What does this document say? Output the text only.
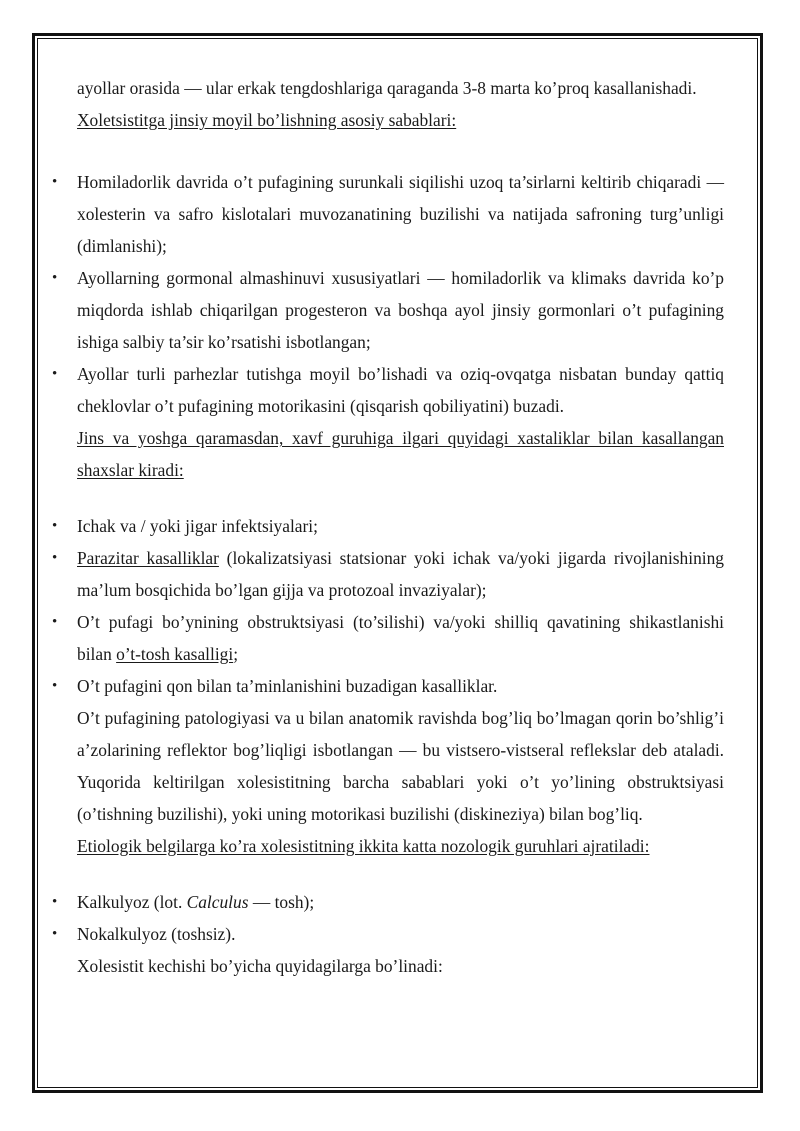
ayollar orasida — ular erkak tengdoshlariga qaraganda 3-8 marta ko’proq kasallanishadi.

Xoletsistitga jinsiy moyil bo’lishning asosiy sabablari:

• Homiladorlik davrida o’t pufagining surunkali siqilishi uzoq ta’sirlarni keltirib chiqaradi — xolesterin va safro kislotalari muvozanatining buzilishi va natijada safroning turg’unligi (dimlanishi);
• Ayollarning gormonal almashinuvi xususiyatlari — homiladorlik va klimaks davrida ko’p miqdorda ishlab chiqarilgan progesteron va boshqa ayol jinsiy gormonlari o’t pufagining ishiga salbiy ta’sir ko’rsatishi isbotlangan;
• Ayollar turli parhezlar tutishga moyil bo’lishadi va oziq-ovqatga nisbatan bunday qattiq cheklovlar o’t pufagining motorikasini (qisqarish qobiliyatini) buzadi.

Jins va yoshga qaramasdan, xavf guruhiga ilgari quyidagi xastaliklar bilan kasallangan shaxslar kiradi:

• Ichak va / yoki jigar infektsiyalari;
• Parazitar kasalliklar (lokalizatsiyasi statsionar yoki ichak va/yoki jigarda rivojlanishining ma’lum bosqichida bo’lgan gijja va protozoal invaziyalar);
• O’t pufagi bo’ynining obstruktsiyasi (to’silishi) va/yoki shilliq qavatining shikastlanishi bilan o’t-tosh kasalligi;
• O’t pufagini qon bilan ta’minlanishini buzadigan kasalliklar.

O’t pufagining patologiyasi va u bilan anatomik ravishda bog’liq bo’lmagan qorin bo’shlig’i a’zolarining reflektor bog’liqligi isbotlangan — bu vistsero-vistseral reflekslar deb ataladi. Yuqorida keltirilgan xolesistitning barcha sabablari yoki o’t yo’lining obstruktsiyasi (o’tishning buzilishi), yoki uning motorikasi buzilishi (diskineziya) bilan bog’liq.

Etiologik belgilarga ko’ra xolesistitning ikkita katta nozologik guruhlari ajratiladi:

• Kalkulyoz (lot. Calculus — tosh);
• Nokalkulyoz (toshsiz).

Xolesistit kechishi bo’yicha quyidagilarga bo’linadi:
